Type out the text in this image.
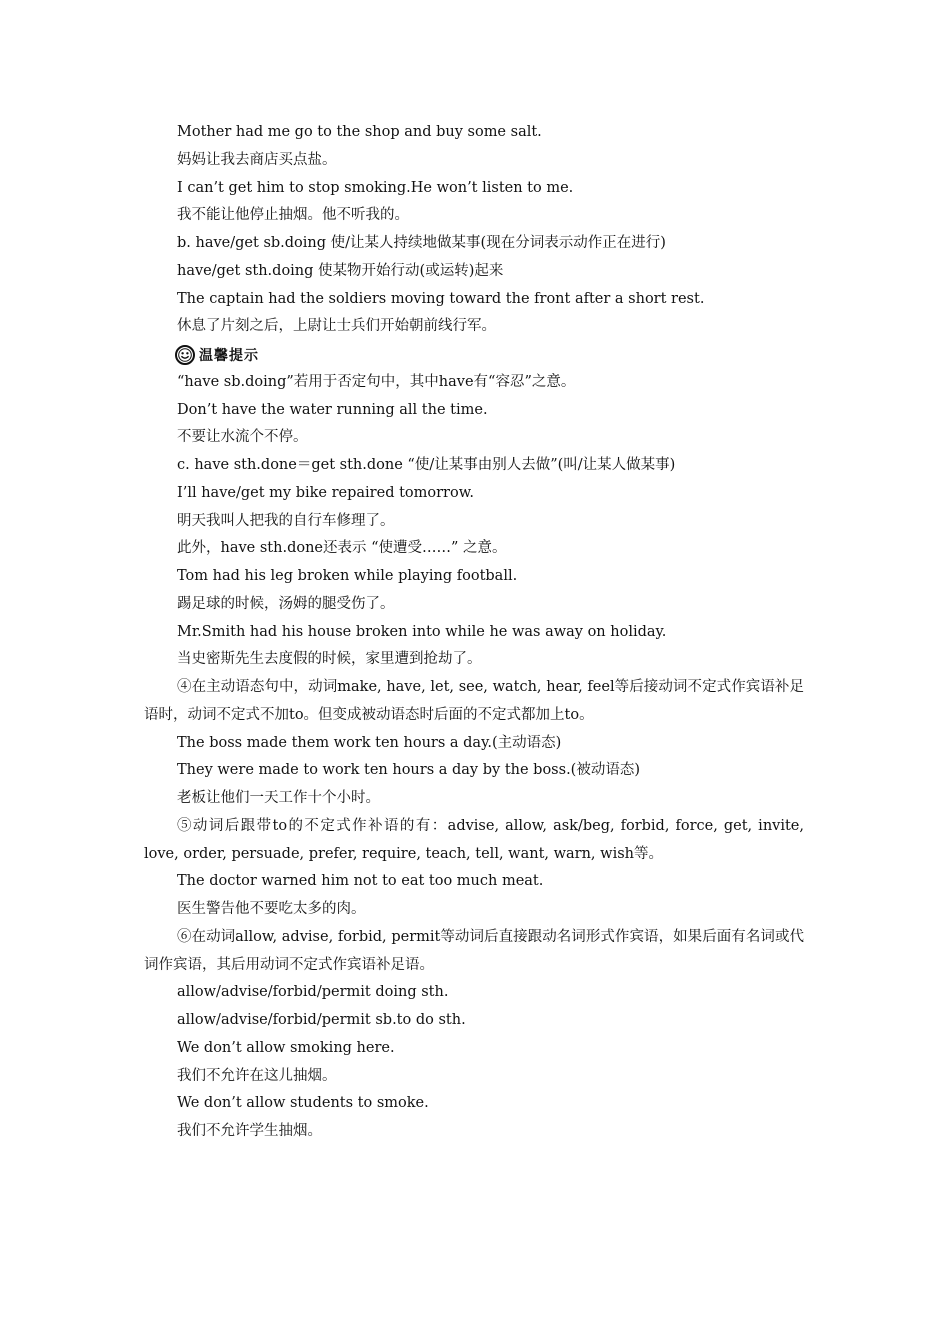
Mother had me go to the shop and buy some salt.
妈妈让我去商店买点盐。
I can’t get him to stop smoking.He won’t listen to me.
我不能让他停止抽烟。他不听我的。
b. have/get sb.doing 使/让某人持续地做某事(现在分词表示动作正在进行)
have/get sth.doing 使某物开始行动(或运转)起来
The captain had the soldiers moving toward the front after a short rest.
休息了片刻之后，上尉让士兵们开始朝前线行军。
温馨提示
“have sb.doing”若用于否定句中，其中have有“容忍”之意。
Don’t have the water running all the time.
不要让水流个不停。
c. have sth.done＝get sth.done “使/让某事由别人去做”(叫/让某人做某事)
I’ll have/get my bike repaired tomorrow.
明天我叫人把我的自行车修理了。
此外，have sth.done还表示 “使遭受……” 之意。
Tom had his leg broken while playing football.
踢足球的时候，汤姆的腿受伤了。
Mr.Smith had his house broken into while he was away on holiday.
当史密斯先生去度假的时候，家里遭到抢劫了。
④在主动语态句中，动词make, have, let, see, watch, hear, feel等后接动词不定式作宾语补足语时，动词不定式不加to。但变成被动语态时后面的不定式都加上to。
The boss made them work ten hours a day.(主动语态)
They were made to work ten hours a day by the boss.(被动语态)
老板让他们一天工作十个小时。
⑤动词后跟带to的不定式作补语的有：advise, allow, ask/beg, forbid, force, get, invite, love, order, persuade, prefer, require, teach, tell, want, warn, wish等。
The doctor warned him not to eat too much meat.
医生警告他不要吃太多的肉。
⑥在动词allow, advise, forbid, permit等动词后直接跟动名词形式作宾语，如果后面有名词或代词作宾语，其后用动词不定式作宾语补足语。
allow/advise/forbid/permit doing sth.
allow/advise/forbid/permit sb.to do sth.
We don’t allow smoking here.
我们不允许在这儿抽烟。
We don’t allow students to smoke.
我们不允许学生抽烟。
